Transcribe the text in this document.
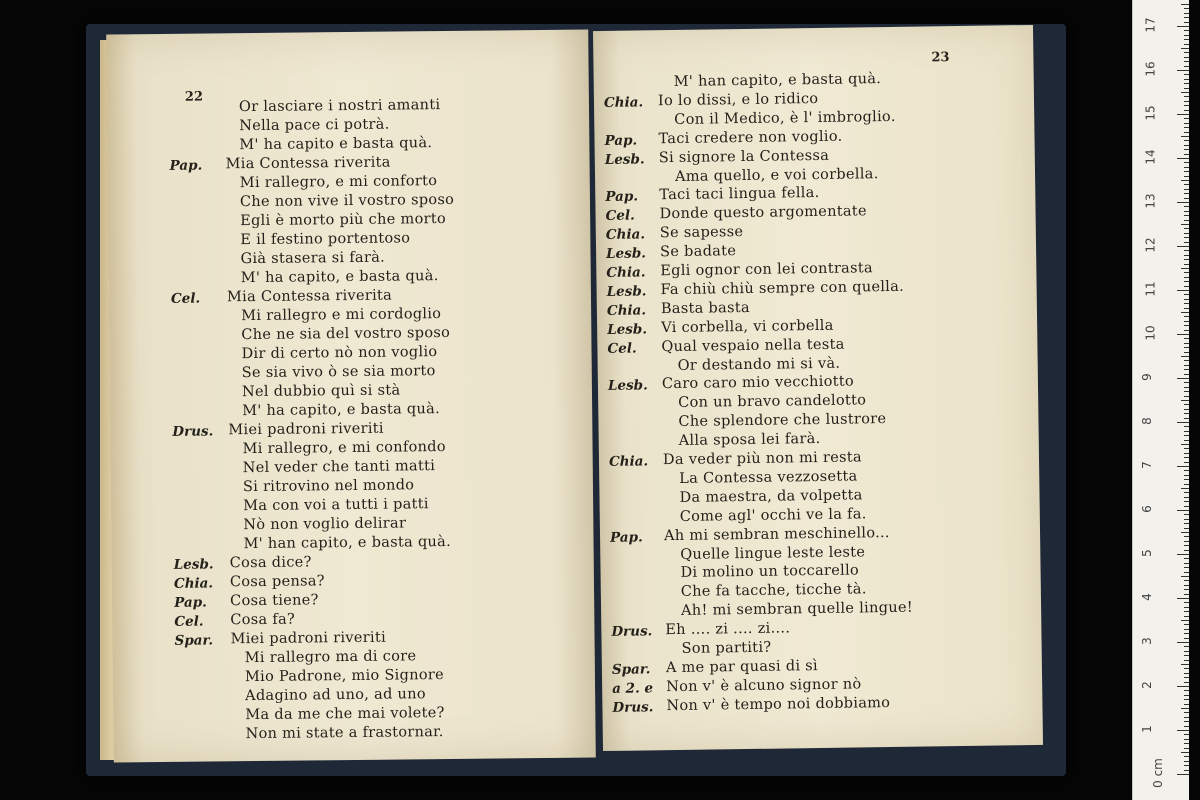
22 Or lasciare i nostri amanti
Nella pace ci potrà.
M' ha capito e basta quà.
Pap. Mia Contessa riverita
Mi rallegro, e mi conforto
Che non vive il vostro sposo
Egli è morto più che morto
E il festino portentoso
Già stasera si farà.
M' ha capito, e basta quà.
Cel. Mia Contessa riverita
Mi rallegro e mi cordoglio
Che ne sia del vostro sposo
Dir di certo nò non voglio
Se sia vivo ò se sia morto
Nel dubbio quì si stà
M' ha capito, e basta quà.
Drus. Miei padroni riveriti
Mi rallegro, e mi confondo
Nel veder che tanti matti
Si ritrovino nel mondo
Ma con voi a tutti i patti
Nò non voglio delirar
M' han capito, e basta quà.
Lesb. Cosa dice?
Chia. Cosa pensa?
Pap. Cosa tiene?
Cel. Cosa fa?
Spar. Miei padroni riveriti
Mi rallegro ma di core
Mio Padrone, mio Signore
Adagino ad uno, ad uno
Ma da me che mai volete?
Non mi state a frastornar.
23
M' han capito, e basta quà.
Chia. Io lo dissi, e lo ridico
Con il Medico, è l' imbroglio.
Pap. Taci credere non voglio.
Lesb. Si signore la Contessa
Ama quello, e voi corbella.
Pap. Taci taci lingua fella.
Cel. Donde questo argomentate
Chia. Se sapesse
Lesb. Se badate
Chia. Egli ognor con lei contrasta
Lesb. Fa chiù chiù sempre con quella.
Chia. Basta basta
Lesb. Vi corbella, vi corbella
Cel. Qual vespaio nella testa
Or destando mi si và.
Lesb. Caro caro mio vecchiotto
Con un bravo candelotto
Che splendore che lustrore
Alla sposa lei farà.
Chia. Da veder più non mi resta
La Contessa vezzosetta
Da maestra, da volpetta
Come agl' occhi ve la fa.
Pap. Ah mi sembran meschinello...
Quelle lingue leste leste
Di molino un toccarello
Che fa tacche, ticche tà.
Ah! mi sembran quelle lingue!
Drus. Eh .... zi .... zi....
Son partiti?
Spar. A me par quasi di sì
a 2. e Non v' è alcuno signor nò
Drus. Non v' è tempo noi dobbiamo
0 cm
1
2
3
4
5
6
7
8
9
10
11
12
13
14
15
16
17
